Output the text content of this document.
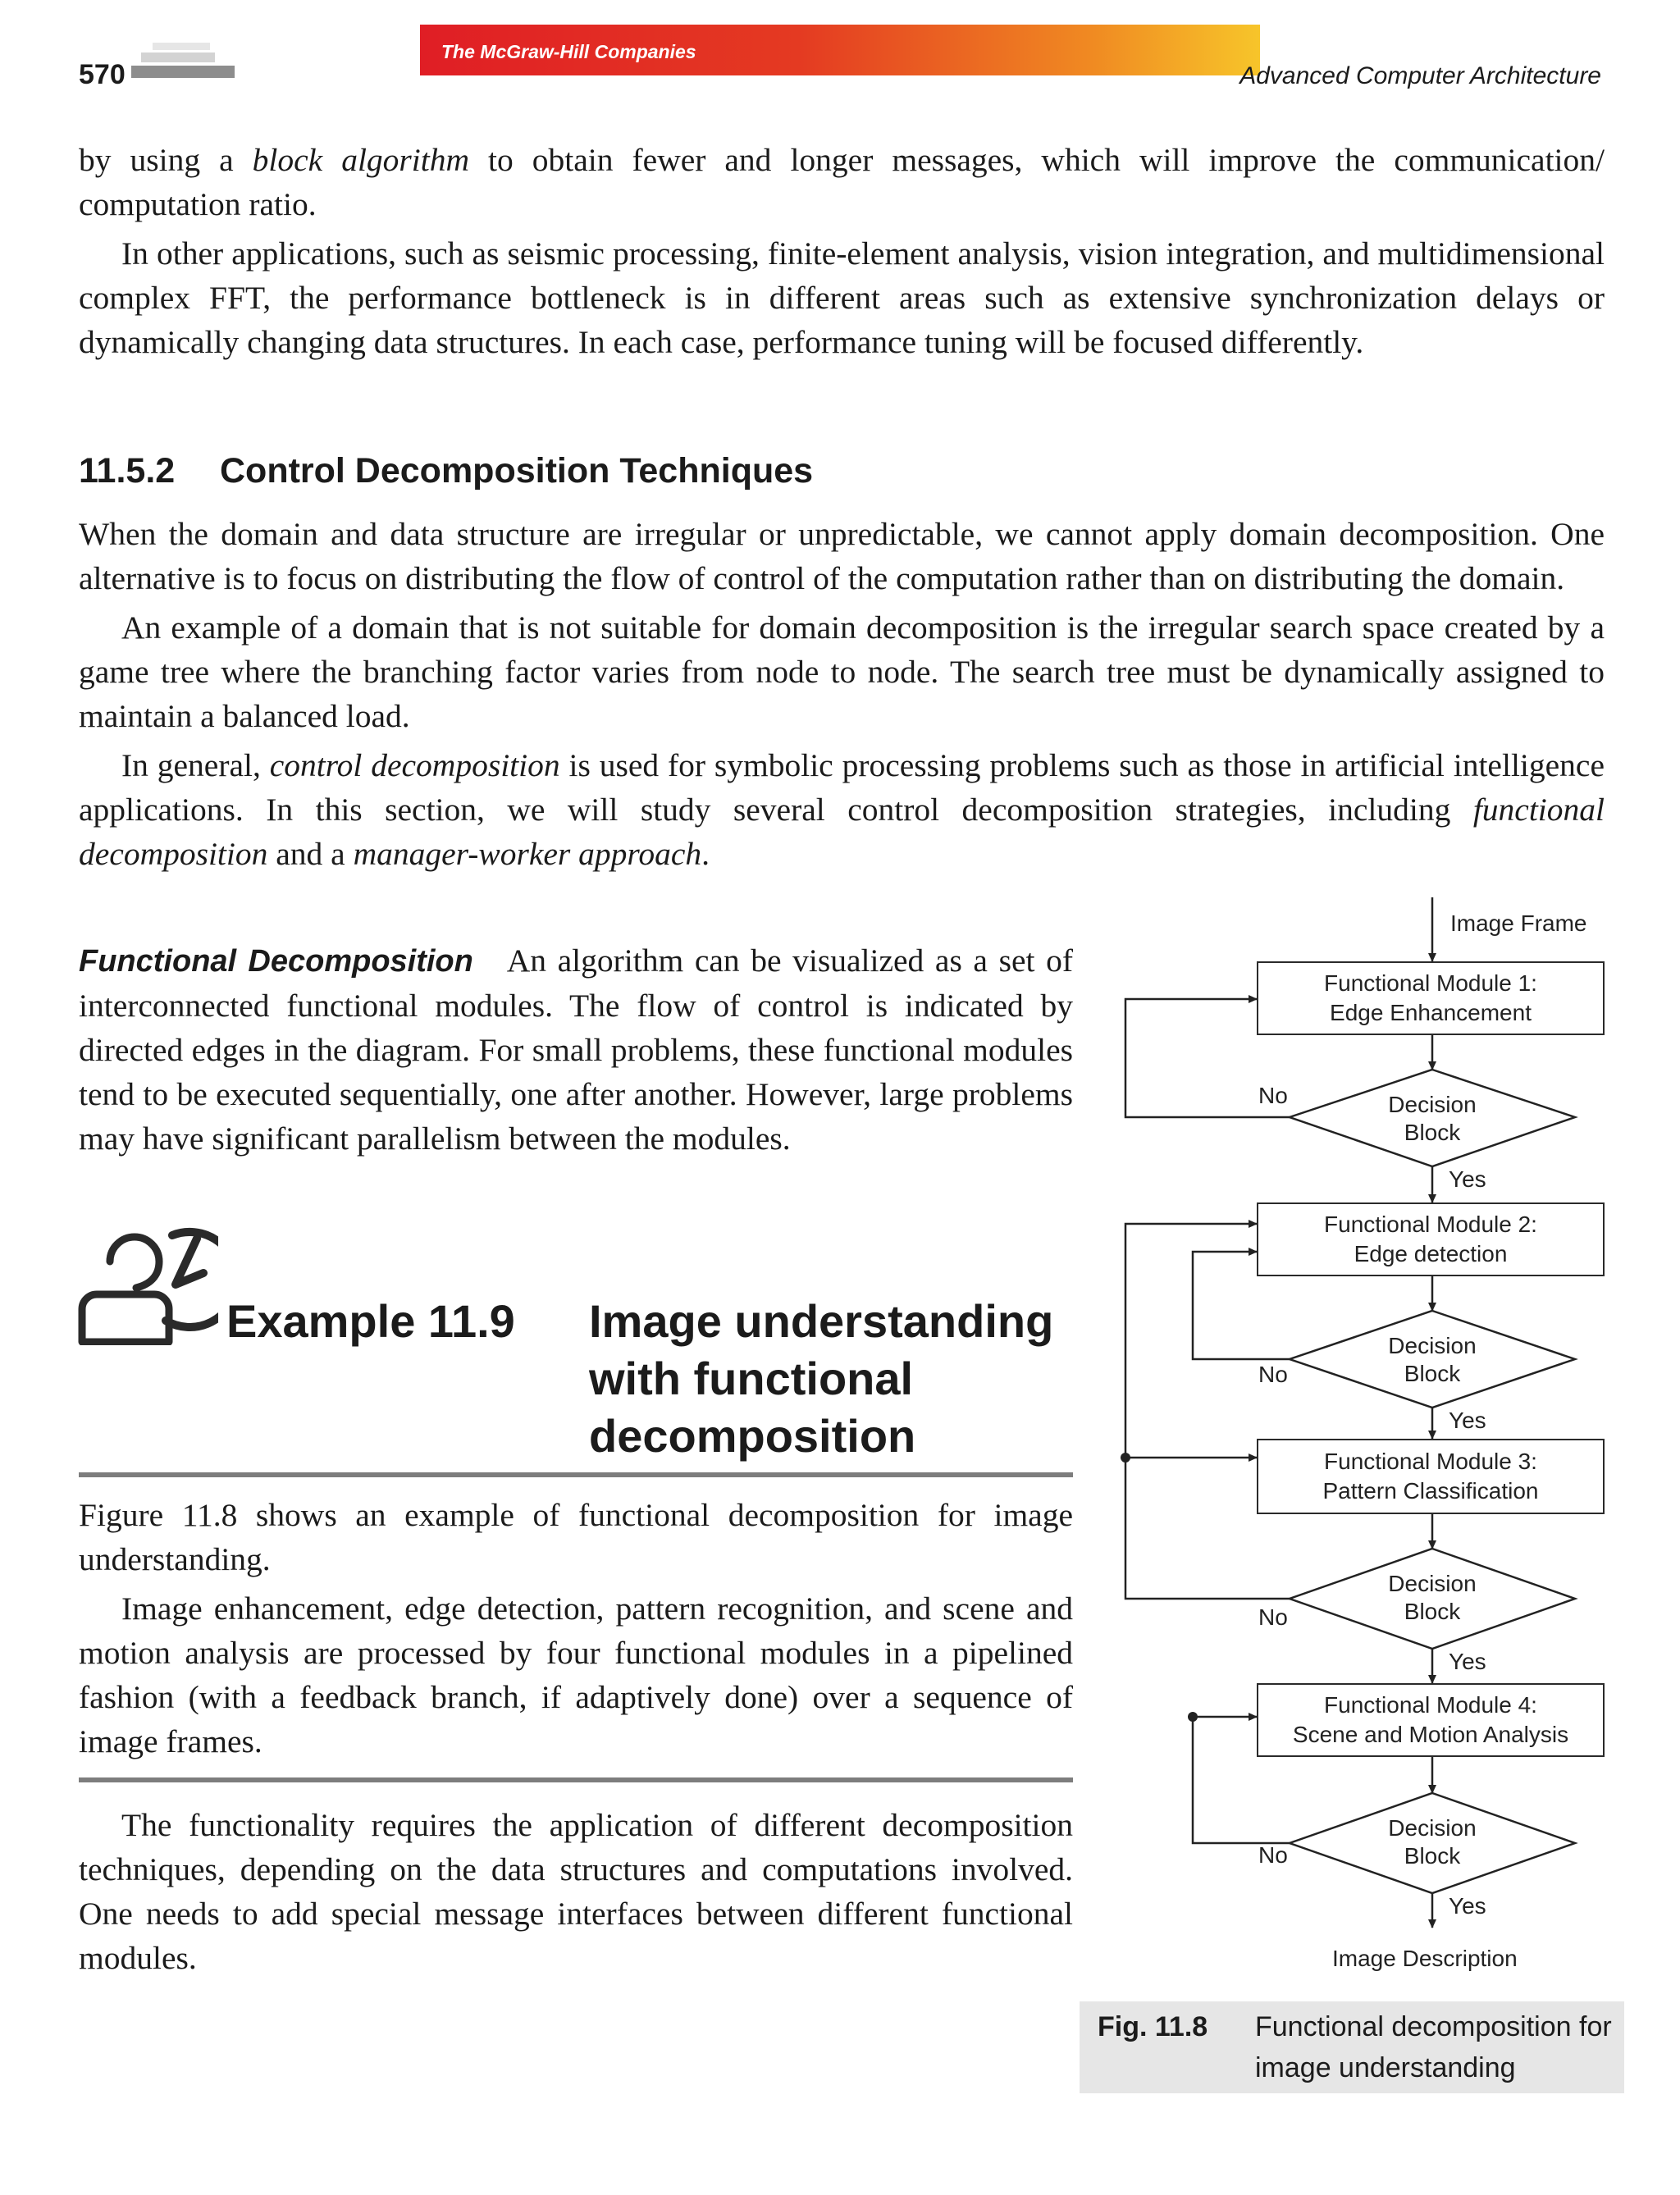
570
The McGraw-Hill Companies
Advanced Computer Architecture

by using a block algorithm to obtain fewer and longer messages, which will improve the communication/ computation ratio.

In other applications, such as seismic processing, finite-element analysis, vision integration, and multidimensional complex FFT, the performance bottleneck is in different areas such as extensive synchronization delays or dynamically changing data structures. In each case, performance tuning will be focused differently.

11.5.2 Control Decomposition Techniques

When the domain and data structure are irregular or unpredictable, we cannot apply domain decomposition. One alternative is to focus on distributing the flow of control of the computation rather than on distributing the domain.

An example of a domain that is not suitable for domain decomposition is the irregular search space created by a game tree where the branching factor varies from node to node. The search tree must be dynamically assigned to maintain a balanced load.

In general, control decomposition is used for symbolic processing problems such as those in artificial intelligence applications. In this section, we will study several control decomposition strategies, including functional decomposition and a manager-worker approach.

Functional Decomposition An algorithm can be visualized as a set of interconnected functional modules. The flow of control is indicated by directed edges in the diagram. For small problems, these functional modules tend to be executed sequentially, one after another. However, large problems may have significant parallelism between the modules.

Example 11.9 Image understanding with functional decomposition

Figure 11.8 shows an example of functional decomposition for image understanding.

Image enhancement, edge detection, pattern recognition, and scene and motion analysis are processed by four functional modules in a pipelined fashion (with a feedback branch, if adaptively done) over a sequence of image frames.

The functionality requires the application of different decomposition techniques, depending on the data structures and computations involved. One needs to add special message interfaces between different functional modules.

Image Frame
Functional Module 1:
Edge Enhancement
Functional Module 2:
Edge detection
Functional Module 3:
Pattern Classification
Functional Module 4:
Scene and Motion Analysis
Decision
Block
Decision
Block
Decision
Block
Decision
Block
Yes
Yes
Yes
Yes
No
No
No
No
Image Description
Fig. 11.8 Functional decomposition for image understanding
